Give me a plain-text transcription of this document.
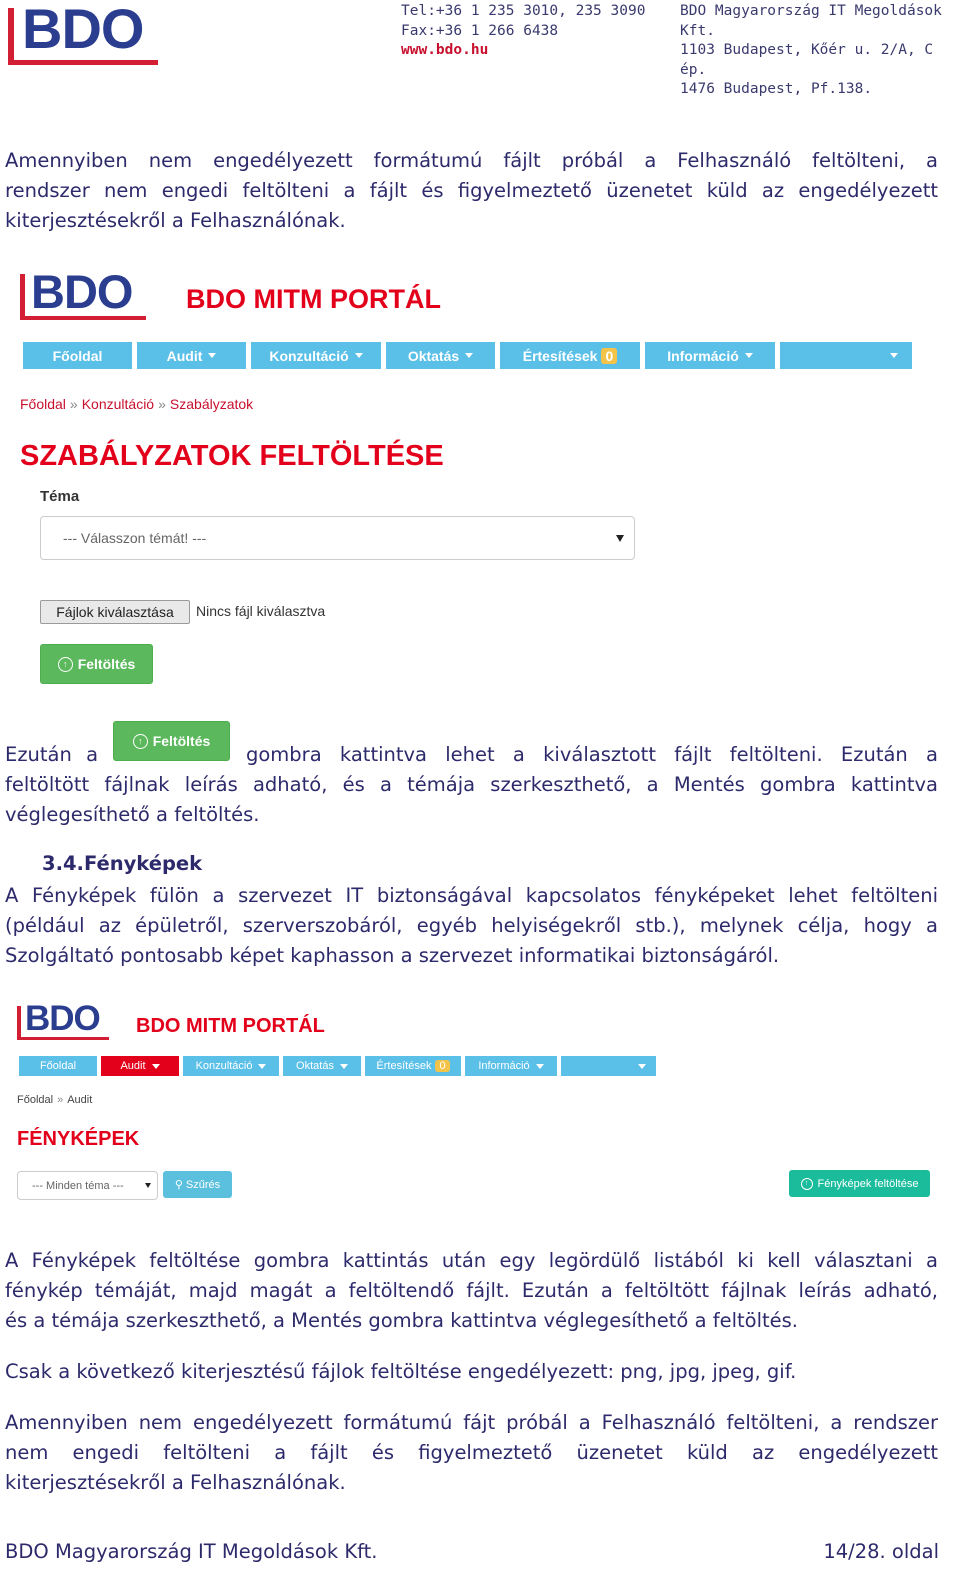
BDO	Tel:+36 1 235 3010, 235 3090
Fax:+36 1 266 6438
www.bdo.hu
BDO Magyarország IT Megoldások Kft.
1103 Budapest, Kőér u. 2/A, C ép.
1476 Budapest, Pf.138.
Amennyiben nem engedélyezett formátumú fájlt próbál a Felhasználó feltölteni, a
rendszer nem engedi feltölteni a fájlt és figyelmeztető üzenetet küld az engedélyezett
kiterjesztésekről a Felhasználónak.
BDO BDO MITM PORTÁL
Főoldal	Audit	Konzultáció	Oktatás	Értesítések 0	Információ
Főoldal » Konzultáció » Szabályzatok
SZABÁLYZATOK FELTÖLTÉSE
Téma
--- Válasszon témát! ---
Fájlok kiválasztása	Nincs fájl kiválasztva
↑ Feltöltés
↑ Feltöltés
Ezután a	gombra kattintva lehet a kiválasztott fájlt feltölteni. Ezután a
feltöltött fájlnak leírás adható, és a témája szerkeszthető, a Mentés gombra kattintva
véglegesíthető a feltöltés.
3.4.Fényképek
A Fényképek fülön a szervezet IT biztonságával kapcsolatos fényképeket lehet feltölteni
(például az épületről, szerverszobáról, egyéb helyiségekről stb.), melynek célja, hogy a
Szolgáltató pontosabb képet kaphasson a szervezet informatikai biztonságáról.
BDO BDO MITM PORTÁL
Főoldal	Audit	Konzultáció	Oktatás	Értesítések 0	Információ
Főoldal » Audit
FÉNYKÉPEK
--- Minden téma ---	⚲ Szűrés	↑ Fényképek feltöltése
A Fényképek feltöltése gombra kattintás után egy legördülő listából ki kell választani a
fénykép témáját, majd magát a feltöltendő fájlt. Ezután a feltöltött fájlnak leírás adható,
és a témája szerkeszthető, a Mentés gombra kattintva véglegesíthető a feltöltés.
Csak a következő kiterjesztésű fájlok feltöltése engedélyezett: png, jpg, jpeg, gif.
Amennyiben nem engedélyezett formátumú fájt próbál a Felhasználó feltölteni, a rendszer
nem engedi feltölteni a fájlt és figyelmeztető üzenetet küld az engedélyezett
kiterjesztésekről a Felhasználónak.
BDO Magyarország IT Megoldások Kft.	14/28. oldal
